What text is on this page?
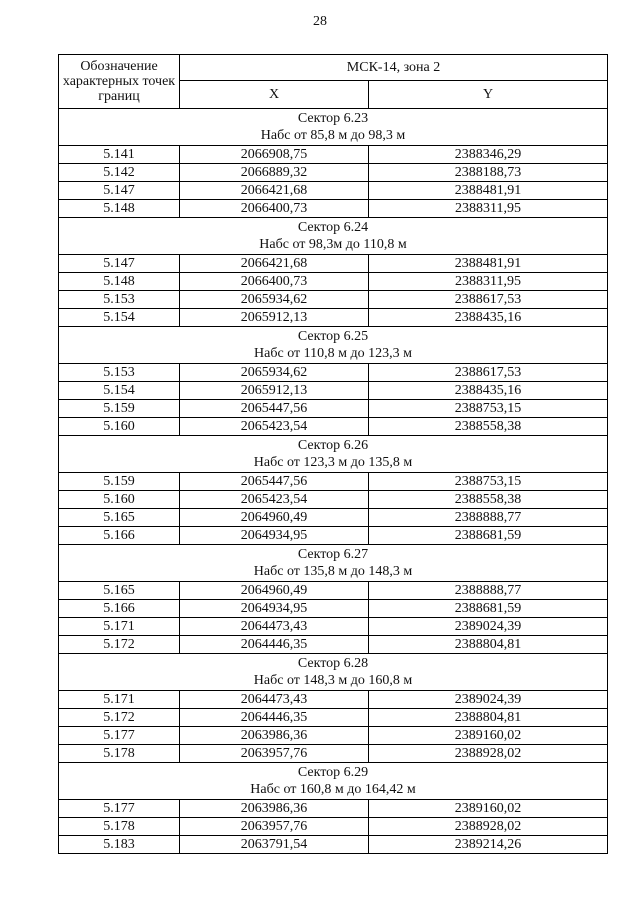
28
Обозначение характерных точек границ	МСК-14, зона 2	
	X	Y

Сектор 6.23
Набс от 85,8 м до 98,3 м		

5.141	2066908,75	2388346,29
5.142	2066889,32	2388188,73
5.147	2066421,68	2388481,91
5.148	2066400,73	2388311,95

Сектор 6.24
Набс от 98,3м до 110,8 м		

5.147	2066421,68	2388481,91
5.148	2066400,73	2388311,95
5.153	2065934,62	2388617,53
5.154	2065912,13	2388435,16

Сектор 6.25
Набс от 110,8 м до 123,3 м		

5.153	2065934,62	2388617,53
5.154	2065912,13	2388435,16
5.159	2065447,56	2388753,15
5.160	2065423,54	2388558,38

Сектор 6.26
Набс от 123,3 м до 135,8 м		

5.159	2065447,56	2388753,15
5.160	2065423,54	2388558,38
5.165	2064960,49	2388888,77
5.166	2064934,95	2388681,59

Сектор 6.27
Набс от 135,8 м до 148,3 м		

5.165	2064960,49	2388888,77
5.166	2064934,95	2388681,59
5.171	2064473,43	2389024,39
5.172	2064446,35	2388804,81

Сектор 6.28
Набс от 148,3 м до 160,8 м		

5.171	2064473,43	2389024,39
5.172	2064446,35	2388804,81
5.177	2063986,36	2389160,02
5.178	2063957,76	2388928,02

Сектор 6.29
Набс от 160,8 м до 164,42 м		

5.177	2063986,36	2389160,02
5.178	2063957,76	2388928,02
5.183	2063791,54	2389214,26
